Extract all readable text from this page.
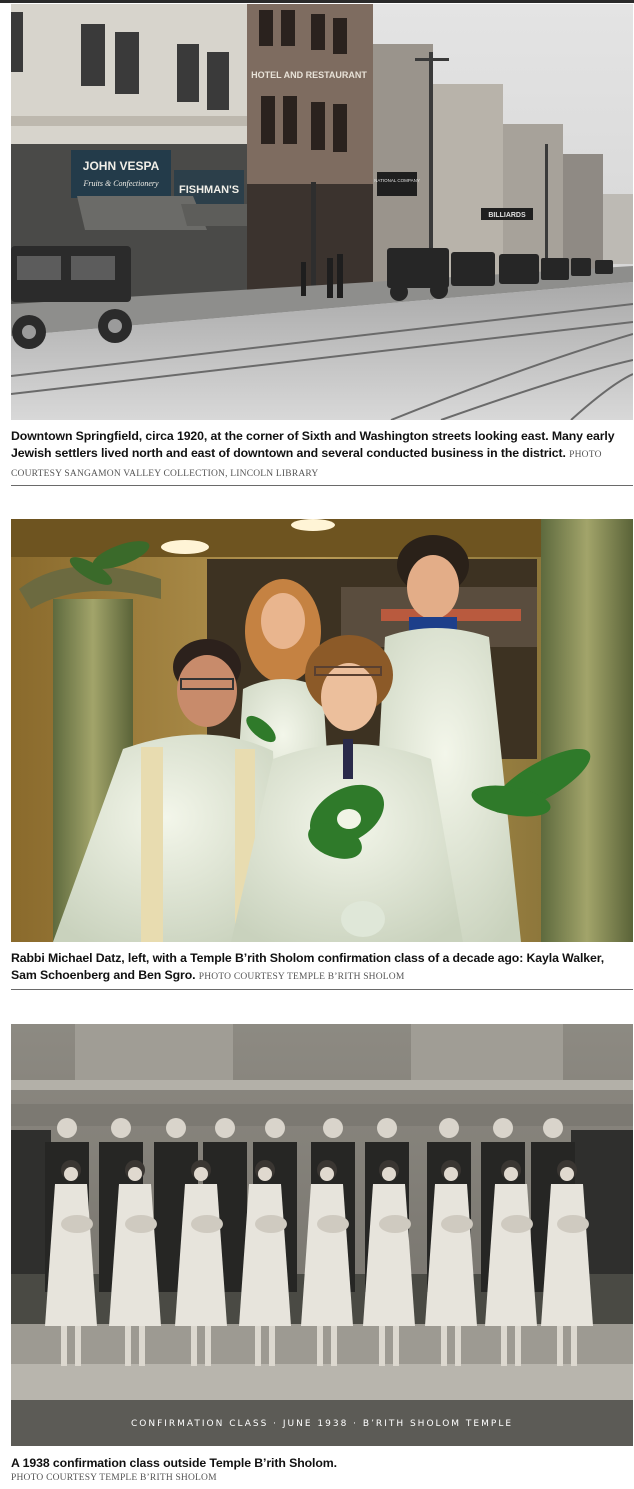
JOHN VESPA
Fruits & Confectionery
FISHMAN'S
HOTEL AND RESTAURANT
NATIONAL COMPANY
BILLIARDS
Downtown Springfield, circa 1920, at the corner of Sixth and Washington streets looking east. Many early Jewish settlers lived north and east of downtown and several conducted business in the district. PHOTO COURTESY SANGAMON VALLEY COLLECTION, LINCOLN LIBRARY
Rabbi Michael Datz, left, with a Temple B’rith Sholom confirmation class of a decade ago: Kayla Walker, Sam Schoenberg and Ben Sgro. PHOTO COURTESY TEMPLE B’RITH SHOLOM
CONFIRMATION CLASS · JUNE 1938 · B’RITH SHOLOM TEMPLE
A 1938 confirmation class outside Temple B’rith Sholom.
PHOTO COURTESY TEMPLE B’RITH SHOLOM
